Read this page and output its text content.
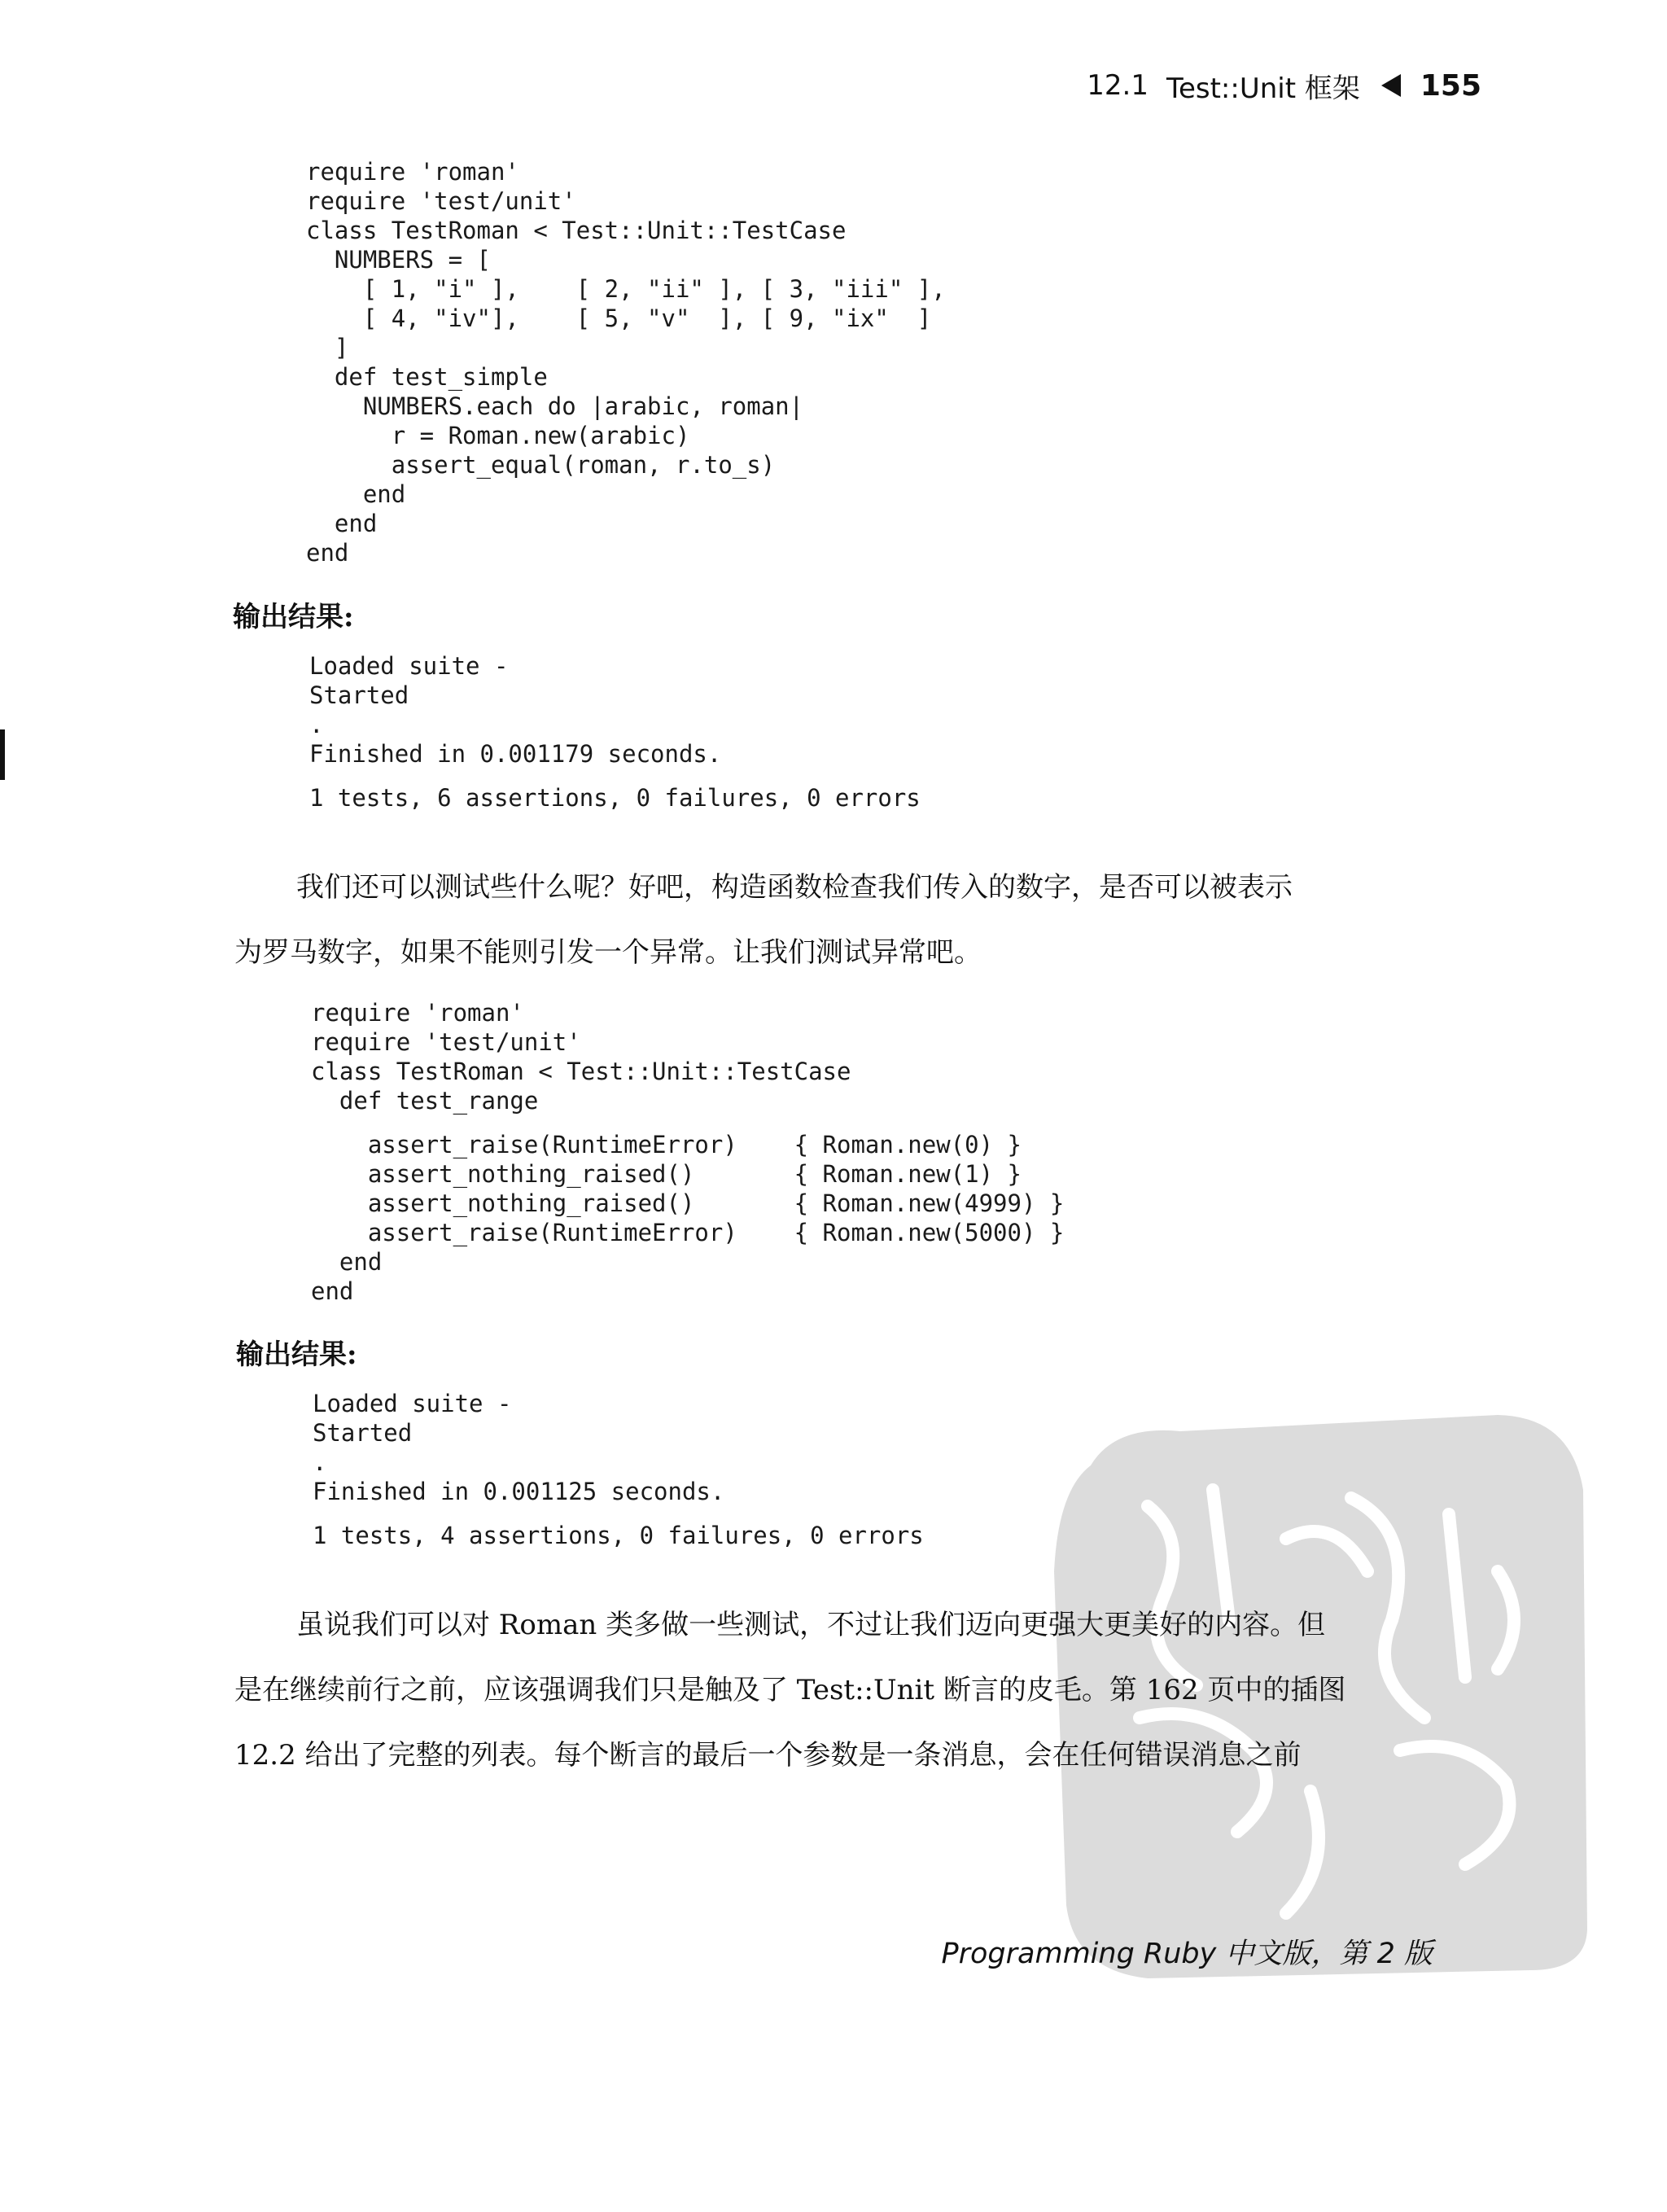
12.1 Test::Unit 框架 155
require 'roman'
require 'test/unit'
class TestRoman < Test::Unit::TestCase
NUMBERS = [
[ 1, "i" ],    [ 2, "ii" ], [ 3, "iii" ],
[ 4, "iv"],    [ 5, "v"  ], [ 9, "ix"  ]
]
def test_simple
NUMBERS.each do |arabic, roman|
r = Roman.new(arabic)
assert_equal(roman, r.to_s)
end
end
end
输出结果:
Loaded suite -
Started
.
Finished in 0.001179 seconds.
1 tests, 6 assertions, 0 failures, 0 errors
我们还可以测试些什么呢？好吧，构造函数检查我们传入的数字，是否可以被表示
为罗马数字，如果不能则引发一个异常。让我们测试异常吧。
require 'roman'
require 'test/unit'
class TestRoman < Test::Unit::TestCase
def test_range
assert_raise(RuntimeError)    { Roman.new(0) }
assert_nothing_raised()       { Roman.new(1) }
assert_nothing_raised()       { Roman.new(4999) }
assert_raise(RuntimeError)    { Roman.new(5000) }
end
end
输出结果:
Loaded suite -
Started
.
Finished in 0.001125 seconds.
1 tests, 4 assertions, 0 failures, 0 errors
虽说我们可以对 Roman 类多做一些测试，不过让我们迈向更强大更美好的内容。但
是在继续前行之前，应该强调我们只是触及了 Test::Unit 断言的皮毛。第 162 页中的插图
12.2 给出了完整的列表。每个断言的最后一个参数是一条消息，会在任何错误消息之前
Programming Ruby 中文版，第 2 版
